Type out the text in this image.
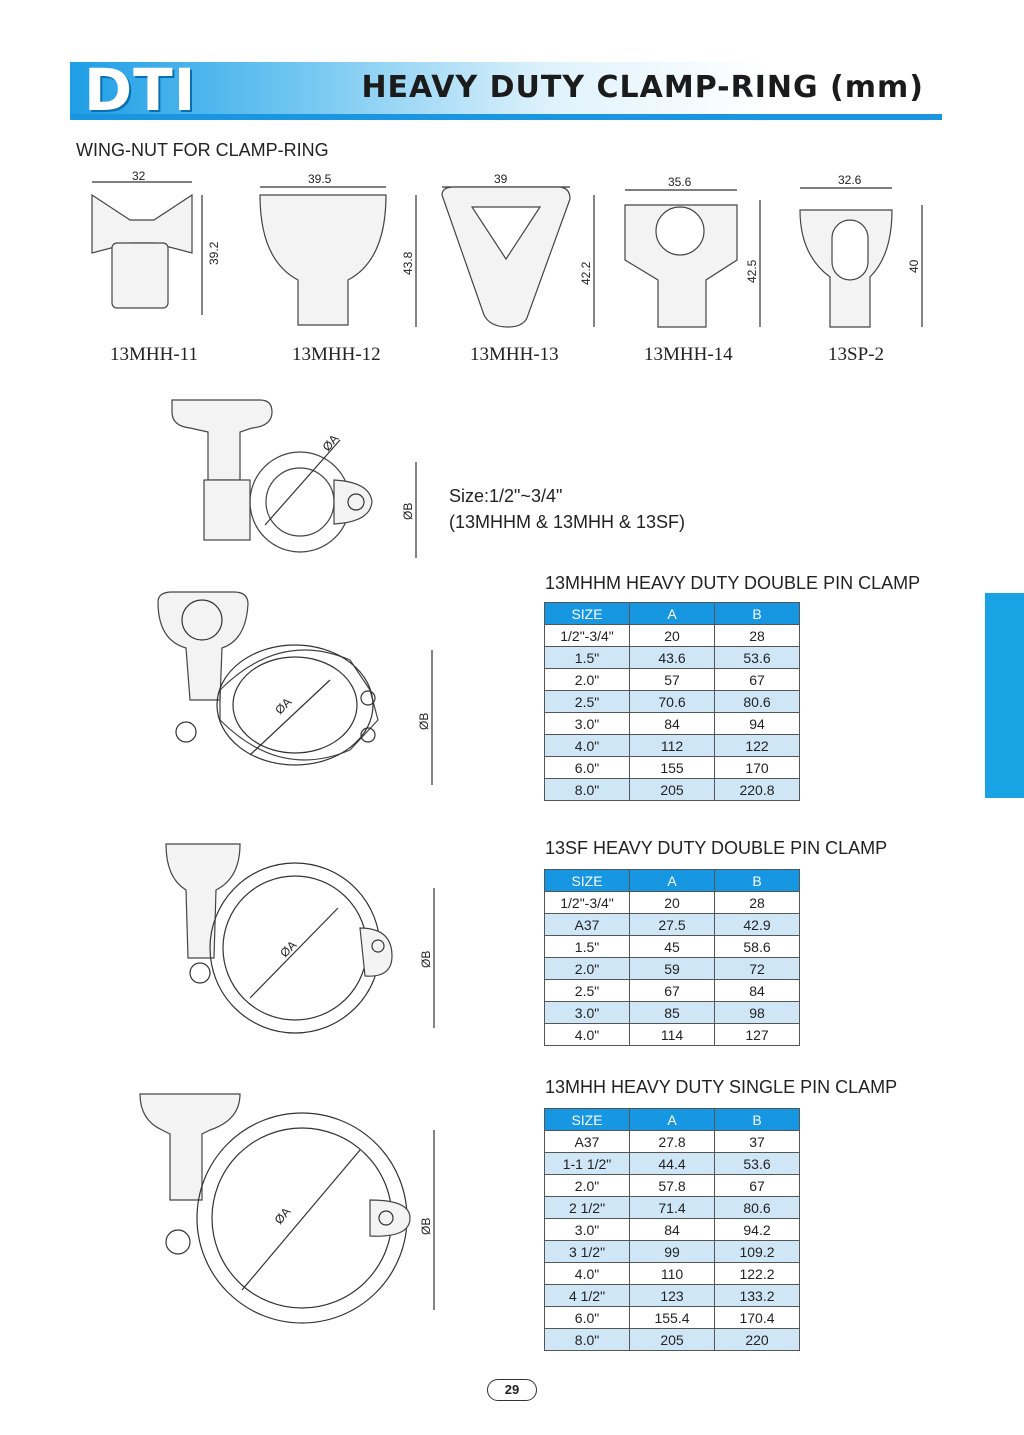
DTI	HEAVY DUTY CLAMP-RING (mm)
WING-NUT FOR CLAMP-RING
32
39.2
39.5
43.8
39
42.2
35.6
42.5
32.6
40
13MHH-11	13MHH-12	13MHH-13	13MHH-14	13SP-2
ØA
ØB
Size:1/2"~3/4"
(13MHHM & 13MHH & 13SF)
ØA
ØB
ØA	ØB
ØA	ØB
13MHHM HEAVY DUTY DOUBLE PIN CLAMP
SIZE	A	B
1/2"-3/4"	20	28
1.5"	43.6	53.6
2.0"	57	67
2.5"	70.6	80.6
3.0"	84	94
4.0"	112	122
6.0"	155	170
8.0"	205	220.8
13SF HEAVY DUTY DOUBLE PIN CLAMP
SIZE	A	B
1/2"-3/4"	20	28
A37	27.5	42.9
1.5"	45	58.6
2.0"	59	72
2.5"	67	84
3.0"	85	98
4.0"	114	127
13MHH HEAVY DUTY SINGLE PIN CLAMP
SIZE	A	B
A37	27.8	37
1-1 1/2"	44.4	53.6
2.0"	57.8	67
2 1/2"	71.4	80.6
3.0"	84	94.2
3 1/2"	99	109.2
4.0"	110	122.2
4 1/2"	123	133.2
6.0"	155.4	170.4
8.0"	205	220
29
